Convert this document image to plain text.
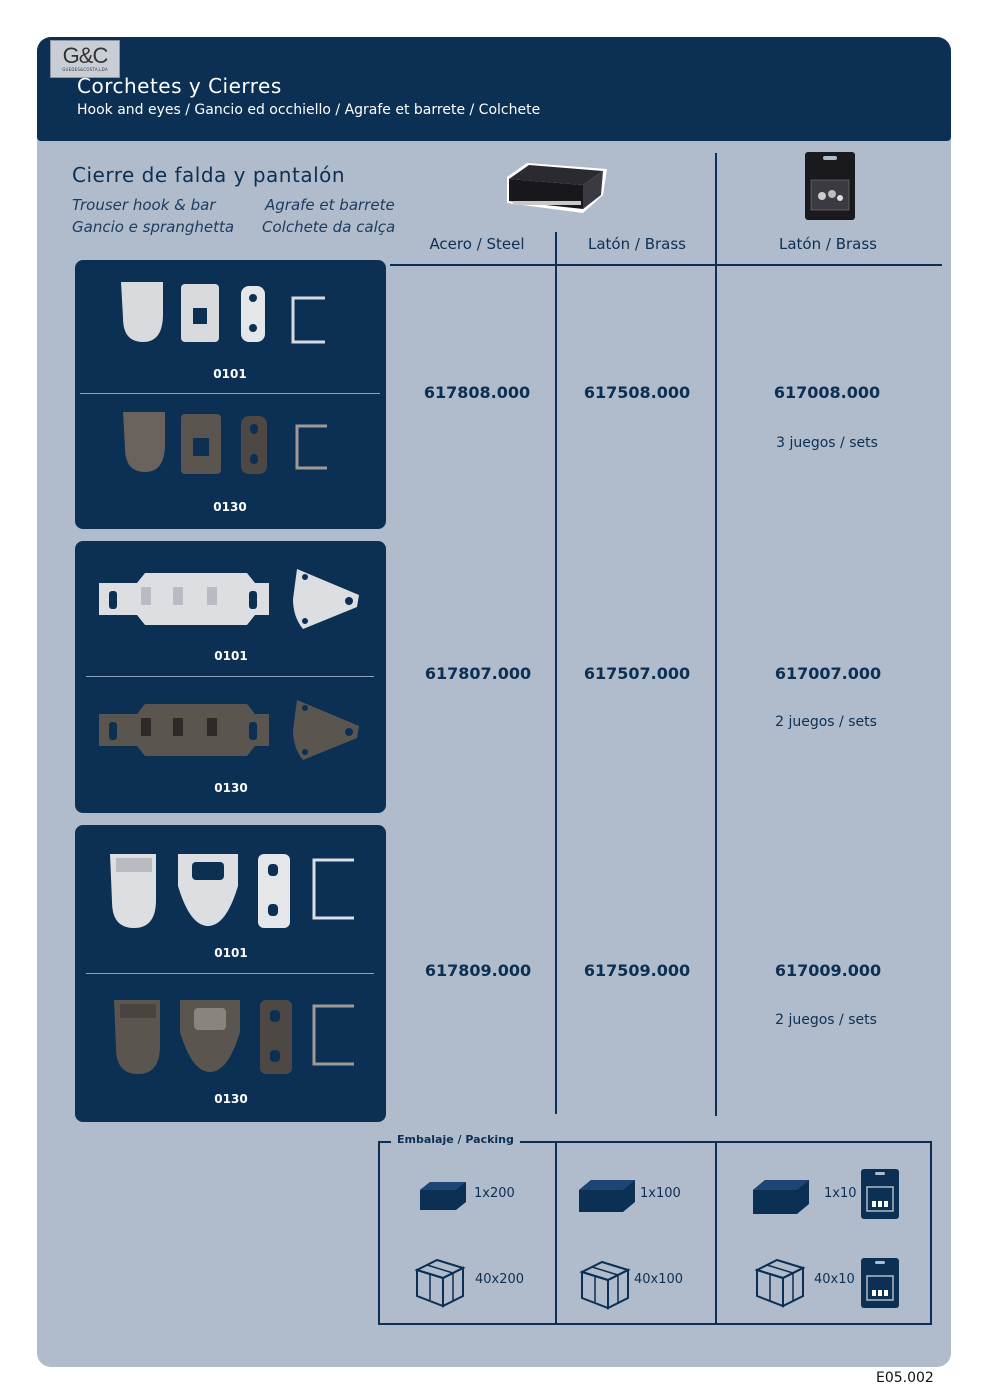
G&C
GUEDES&COSTA,LDA
Corchetes y Cierres
Hook and eyes / Gancio ed occhiello / Agrafe et barrete / Colchete
Cierre de falda y pantalón
Trouser hook & bar	Agrafe et barrete
Gancio e spranghetta Colchete da calça
Acero / Steel	Latón / Brass	Latón / Brass
0101
0130
0101
0130
0101
0130
617808.000	617508.000	617008.000
3 juegos / sets
617807.000	617507.000	617007.000
2 juegos / sets
617809.000	617509.000	617009.000
2 juegos / sets
Embalaje / Packing
1x200	1x100	1x10
40x200	40x100	40x10
E05.002
